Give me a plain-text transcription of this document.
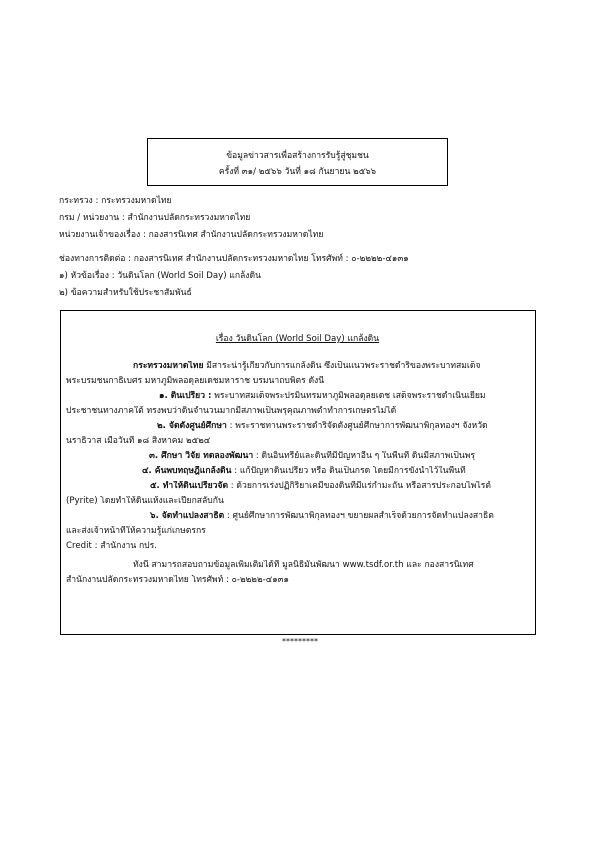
ข้อมูลข่าวสารเพื่อสร้างการรับรู้สู่ชุมชน
ครั้งที่ ๓๑/ ๒๕๖๖ วันที่ ๑๘ กันยายน ๒๕๖๖
กระทรวง : กระทรวงมหาดไทย
กรม / หน่วยงาน : สำนักงานปลัดกระทรวงมหาดไทย
หน่วยงานเจ้าของเรื่อง : กองสารนิเทศ สำนักงานปลัดกระทรวงมหาดไทย
ช่องทางการติดต่อ : กองสารนิเทศ สำนักงานปลัดกระทรวงมหาดไทย โทรศัพท์ : ๐-๒๒๒๒-๔๑๓๑
๑) หัวข้อเรื่อง : วันดินโลก (World Soil Day) แกล้งดิน
๒) ข้อความสำหรับใช้ประชาสัมพันธ์
เรื่อง วันดินโลก (World Soil Day) แกล้งดิน
กระทรวงมหาดไทย มีสาระน่ารู้เกี่ยวกับการแกล้งดิน ซึ่งเป็นแนวพระราชดำริของพระบาทสมเด็จ
พระบรมชนกาธิเบศร มหาภูมิพลอดุลยเดชมหาราช บรมนาถบพิตร ดังนี้
๑. ดินเปรี้ยว : พระบาทสมเด็จพระปรมินทรมหาภูมิพลอดุลยเดช เสด็จพระราชดำเนินเยี่ยม
ประชาชนทางภาคใต้ ทรงพบว่าดินจำนวนมากมีสภาพเป็นพรุคุณภาพต่ำทำการเกษตรไม่ได้
๒. จัดตั้งศูนย์ศึกษา : พระราชทานพระราชดำริจัดตั้งศูนย์ศึกษาการพัฒนาพิกุลทองฯ จังหวัด
นราธิวาส เมื่อวันที่ ๑๘ สิงหาคม ๒๕๒๔
๓. ศึกษา วิจัย ทดลองพัฒนา : ดินอินทรีย์และดินที่มีปัญหาอื่น ๆ ในพื้นที่ ดินมีสภาพเป็นพรุ
๔. ค้นพบทฤษฎีแกล้งดิน : แก้ปัญหาดินเปรี้ยว หรือ ดินเป็นกรด โดยมีการขังน้ำไว้ในพื้นที่
๕. ทำให้ดินเปรี้ยวจัด : ด้วยการเร่งปฏิกิริยาเคมีของดินที่มีแร่กำมะถัน หรือสารประกอบไพไรต์
(Pyrite) โดยทำให้ดินแห้งและเปียกสลับกัน
๖. จัดทำแปลงสาธิต : ศูนย์ศึกษาการพัฒนาพิกุลทองฯ ขยายผลสำเร็จด้วยการจัดทำแปลงสาธิต
และส่งเจ้าหน้าที่ให้ความรู้แก่เกษตรกร
Credit : สำนักงาน กปร.
ทั้งนี้ สามารถสอบถามข้อมูลเพิ่มเติมได้ที่ มูลนิธิมั่นพัฒนา www.tsdf.or.th และ กองสารนิเทศ
สำนักงานปลัดกระทรวงมหาดไทย โทรศัพท์ : ๐-๒๒๒๒-๔๑๓๑
*********
